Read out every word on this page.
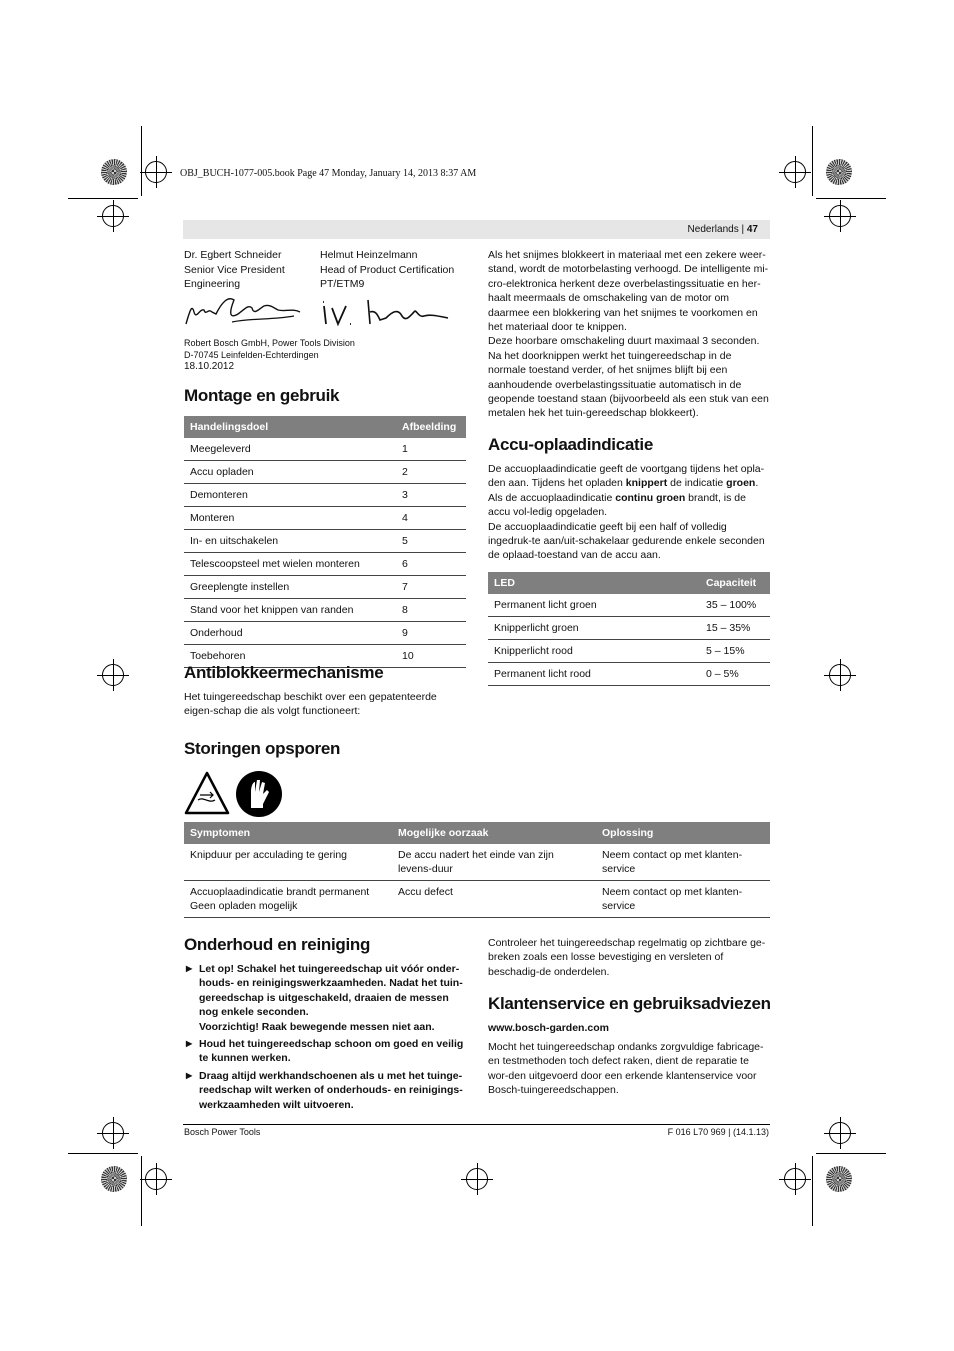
OBJ_BUCH-1077-005.book Page 47 Monday, January 14, 2013 8:37 AM
Nederlands | 47
Dr. Egbert Schneider
Senior Vice President
Engineering
Helmut Heinzelmann
Head of Product Certification
PT/ETM9
Robert Bosch GmbH, Power Tools Division
D-70745 Leinfelden-Echterdingen
18.10.2012
Montage en gebruik
Handelingsdoel	Afbeelding
Meegeleverd	1
Accu opladen	2
Demonteren	3
Monteren	4
In- en uitschakelen	5
Telescoopsteel met wielen monteren	6
Greeplengte instellen	7
Stand voor het knippen van randen	8
Onderhoud	9
Toebehoren	10
Antiblokkeermechanisme
Het tuingereedschap beschikt over een gepatenteerde eigen-schap die als volgt functioneert:
Als het snijmes blokkeert in materiaal met een zekere weer-stand, wordt de motorbelasting verhoogd. De intelligente mi-cro-elektronica herkent deze overbelastingssituatie en her-haalt meermaals de omschakeling van de motor om daarmee een blokkering van het snijmes te voorkomen en het materiaal door te knippen.
Deze hoorbare omschakeling duurt maximaal 3 seconden.
Na het doorknippen werkt het tuingereedschap in de normale toestand verder, of het snijmes blijft bij een aanhoudende overbelastingssituatie automatisch in de geopende toestand staan (bijvoorbeeld als een stuk van een metalen hek het tuin-gereedschap blokkeert).
Accu-oplaadindicatie
De accuoplaadindicatie geeft de voortgang tijdens het opla-den aan. Tijdens het opladen knippert de indicatie groen. Als de accuoplaadindicatie continu groen brandt, is de accu vol-ledig opgeladen.
De accuoplaadindicatie geeft bij een half of volledig ingedruk-te aan/uit-schakelaar gedurende enkele seconden de oplaad-toestand van de accu aan.
LED	Capaciteit
Permanent licht groen	35 – 100%
Knipperlicht groen	15 – 35%
Knipperlicht rood	5 – 15%
Permanent licht rood	0 – 5%
Storingen opsporen
Symptomen	Mogelijke oorzaak	Oplossing
Knipduur per acculading te gering	De accu nadert het einde van zijn levens-duur	Neem contact op met klanten-service

Accuoplaadindicatie brandt permanent
Geen opladen mogelijk	Accu defect	Neem contact op met klanten-service
Onderhoud en reiniging
▶ Let op! Schakel het tuingereedschap uit vóór onder-houds- en reinigingswerkzaamheden. Nadat het tuin-gereedschap is uitgeschakeld, draaien de messen nog enkele seconden.
Voorzichtig! Raak bewegende messen niet aan.
▶ Houd het tuingereedschap schoon om goed en veilig te kunnen werken.
▶ Draag altijd werkhandschoenen als u met het tuinge-reedschap wilt werken of onderhouds- en reinigings-werkzaamheden wilt uitvoeren.
Controleer het tuingereedschap regelmatig op zichtbare ge-breken zoals een losse bevestiging en versleten of beschadig-de onderdelen.
Klantenservice en gebruiksadviezen
www.bosch-garden.com
Mocht het tuingereedschap ondanks zorgvuldige fabricage-en testmethoden toch defect raken, dient de reparatie te wor-den uitgevoerd door een erkende klantenservice voor Bosch-tuingereedschappen.
Bosch Power Tools	F 016 L70 969 | (14.1.13)
